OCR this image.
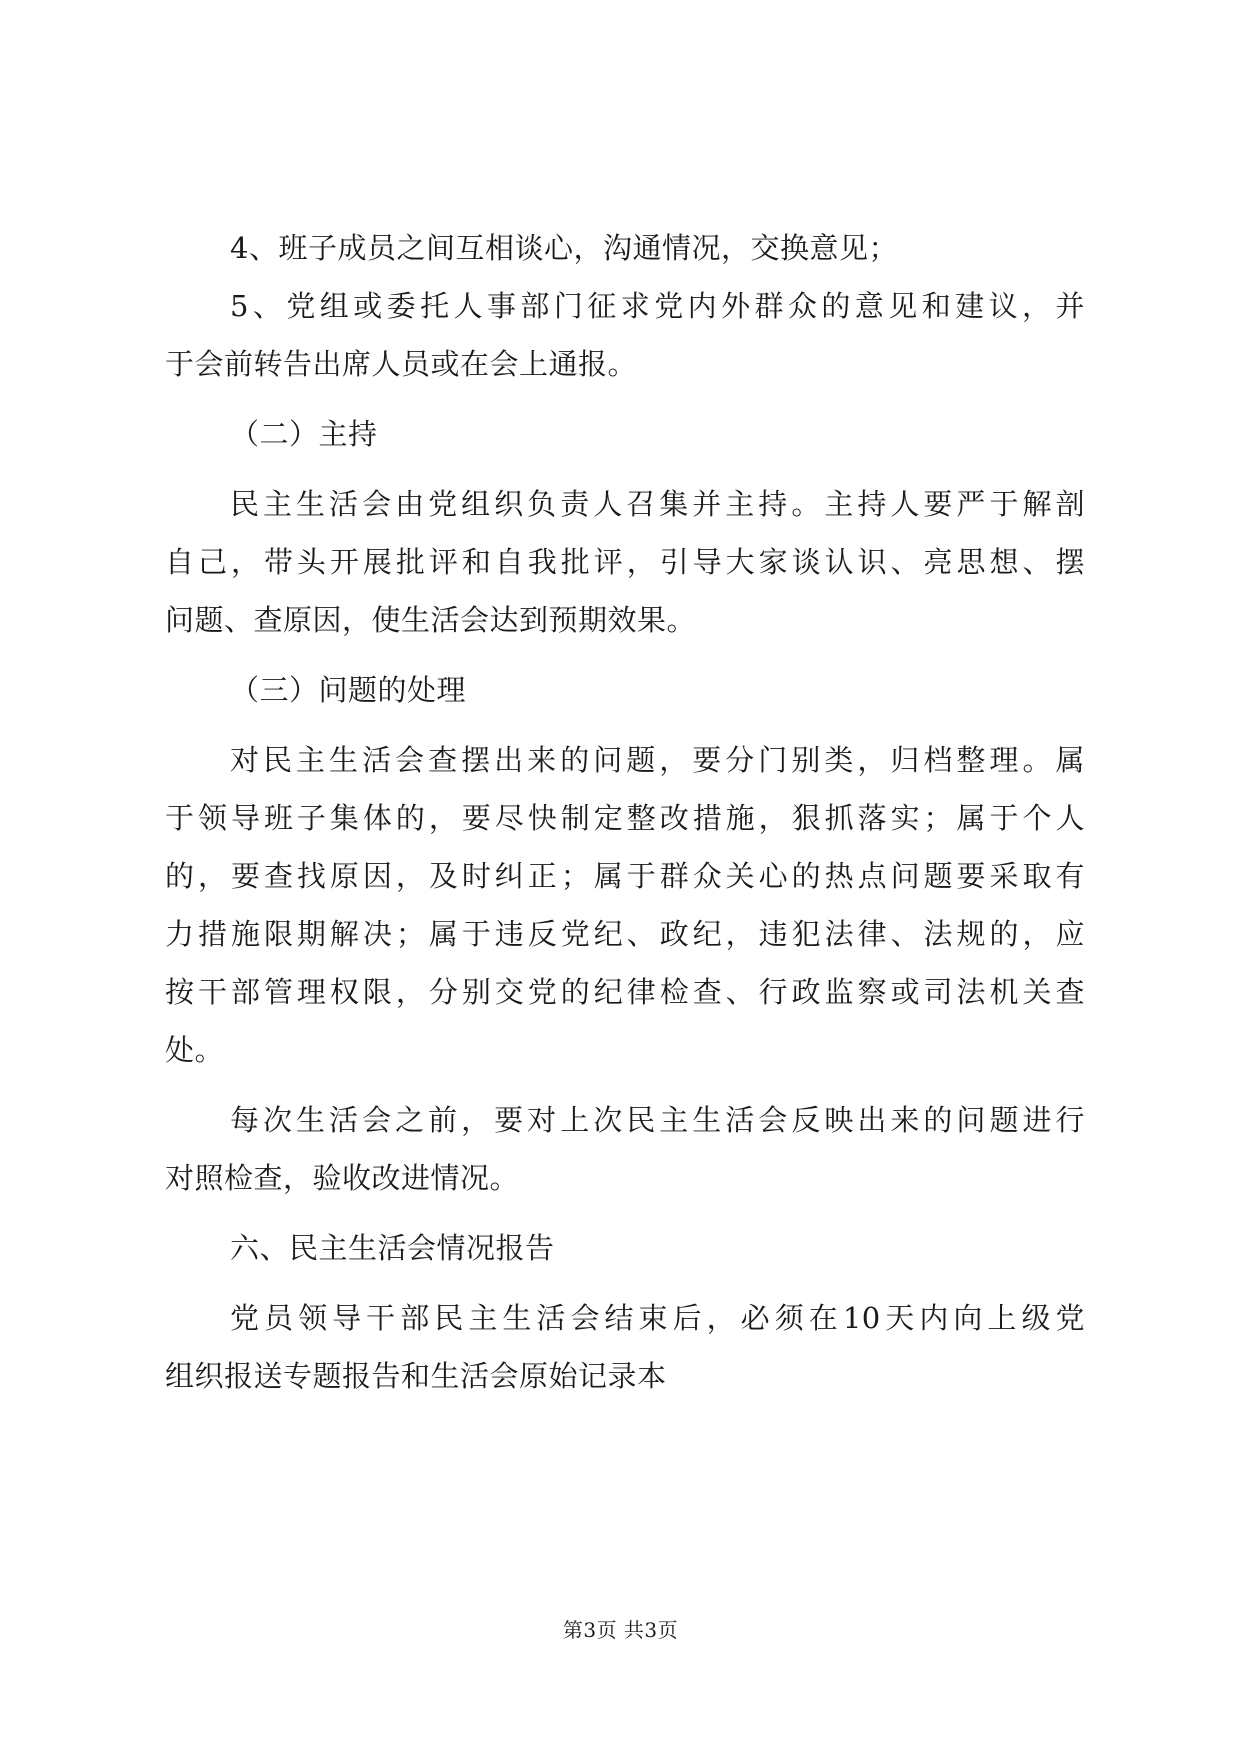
4、班子成员之间互相谈心，沟通情况，交换意见；
5、党组或委托人事部门征求党内外群众的意见和建议，并
于会前转告出席人员或在会上通报。
（二）主持
民主生活会由党组织负责人召集并主持。主持人要严于解剖
自己，带头开展批评和自我批评，引导大家谈认识、亮思想、摆
问题、查原因，使生活会达到预期效果。
（三）问题的处理
对民主生活会查摆出来的问题，要分门别类，归档整理。属
于领导班子集体的，要尽快制定整改措施，狠抓落实；属于个人
的，要查找原因，及时纠正；属于群众关心的热点问题要采取有
力措施限期解决；属于违反党纪、政纪，违犯法律、法规的，应
按干部管理权限，分别交党的纪律检查、行政监察或司法机关查
处。
每次生活会之前，要对上次民主生活会反映出来的问题进行
对照检查，验收改进情况。
六、民主生活会情况报告
党员领导干部民主生活会结束后，必须在10天内向上级党
组织报送专题报告和生活会原始记录本
第3页 共3页
